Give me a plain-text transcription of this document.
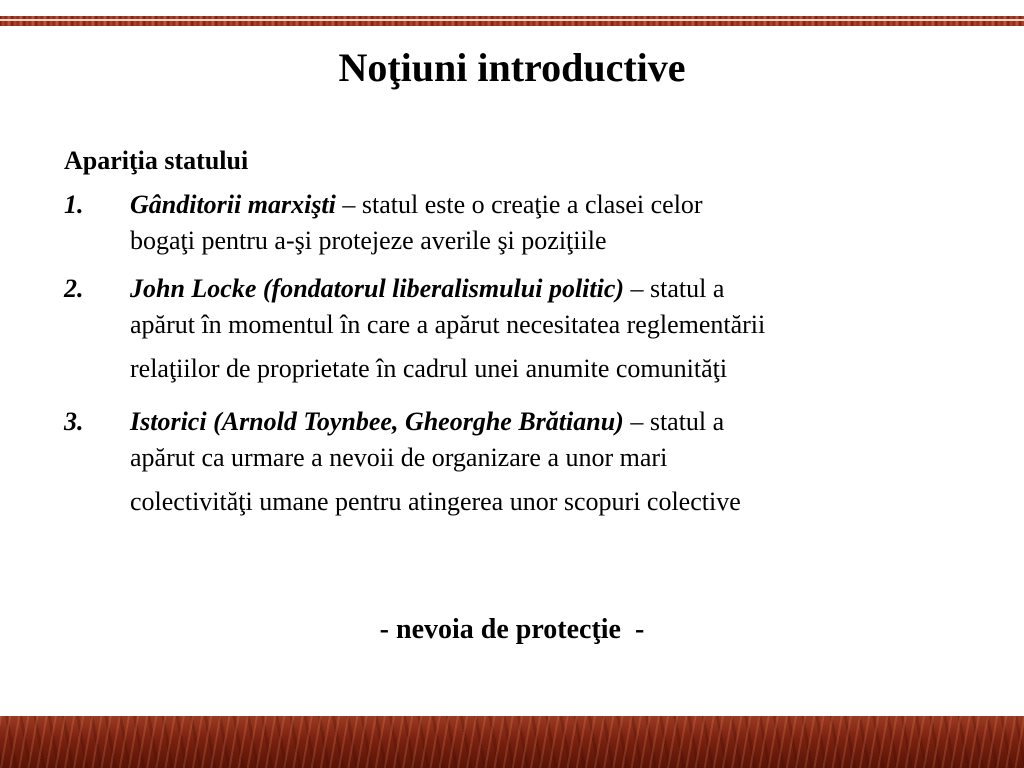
Noţiuni introductive
Apariţia statului
1. Gânditorii marxişti – statul este o creaţie a clasei celor
bogaţi pentru a-şi protejeze averile şi poziţiile
2. John Locke (fondatorul liberalismului politic) – statul a
apărut în momentul în care a apărut necesitatea reglementării
relaţiilor de proprietate în cadrul unei anumite comunităţi
3. Istorici (Arnold Toynbee, Gheorghe Brătianu) – statul a
apărut ca urmare a nevoii de organizare a unor mari
colectivităţi umane pentru atingerea unor scopuri colective
- nevoia de protecţie  -
